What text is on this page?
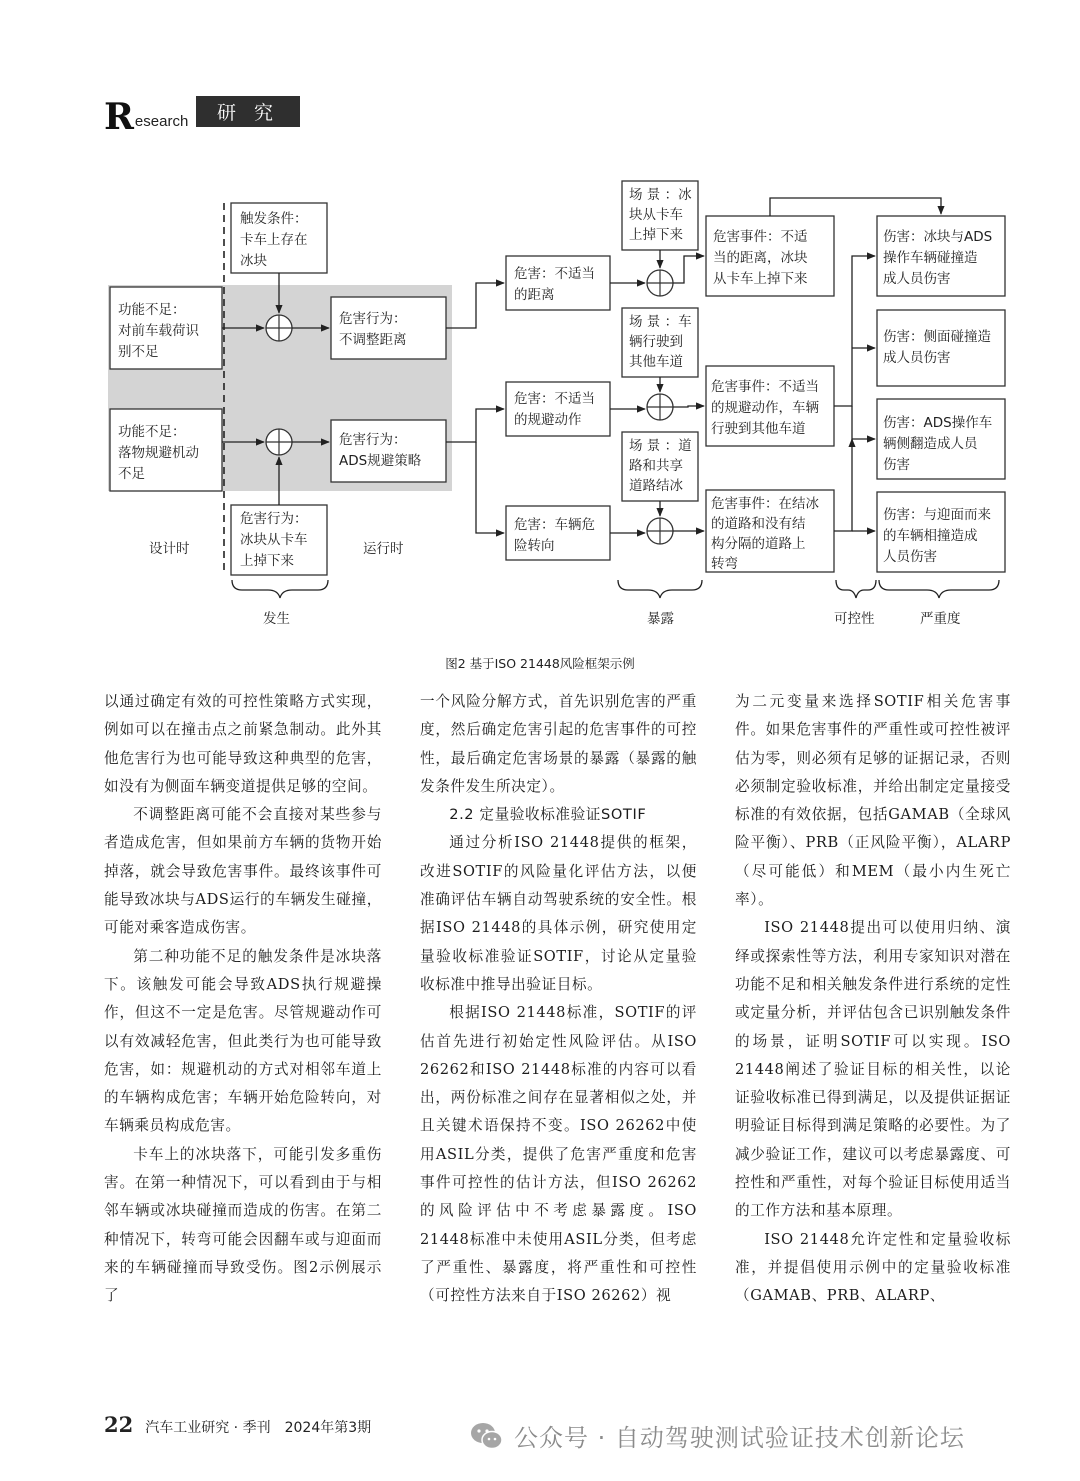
R esearch	研 究
功能不足：对前车载荷识别不足
功能不足：落物规避机动不足
触发条件：卡车上存在冰块
危害行为：冰块从卡车上掉下来
危害行为：不调整距离
危害行为： ADS规避策略
危害：不适当的距离
危害：不适当的规避动作
危害：车辆危险转向
场 景 ：冰块从卡车上掉下来
场 景 ：车辆行驶到其他车道
场 景 ：道路和共享道路结冰
危害事件：不适当的距离，冰块从卡车上掉下来
危害事件：不适当的规避动作，车辆行驶到其他车道
危害事件：在结冰的道路和没有结构分隔的道路上转弯
伤害：冰块与ADS 操作车辆碰撞造成人员伤害
伤害：侧面碰撞造成人员伤害
伤害：ADS操作车辆侧翻造成人员伤害
伤害：与迎面而来的车辆相撞造成人员伤害
设计时	运行时
发生	暴露	可控性	严重度
图2 基于ISO 21448风险框架示例

以通过确定有效的可控性策略方式实现，例如可以在撞击点之前紧急制动。此外其他危害行为也可能导致这种典型的危害，如没有为侧面车辆变道提供足够的空间。

不调整距离可能不会直接对某些参与者造成危害，但如果前方车辆的货物开始掉落，就会导致危害事件。最终该事件可能导致冰块与ADS运行的车辆发生碰撞，可能对乘客造成伤害。

第二种功能不足的触发条件是冰块落下。该触发可能会导致ADS执行规避操作，但这不一定是危害。尽管规避动作可以有效减轻危害，但此类行为也可能导致危害，如：规避机动的方式对相邻车道上的车辆构成危害；车辆开始危险转向，对车辆乘员构成危害。

卡车上的冰块落下，可能引发多重伤害。在第一种情况下，可以看到由于与相邻车辆或冰块碰撞而造成的伤害。在第二种情况下，转弯可能会因翻车或与迎面而来的车辆碰撞而导致受伤。图2示例展示了

一个风险分解方式，首先识别危害的严重度，然后确定危害引起的危害事件的可控性，最后确定危害场景的暴露（暴露的触发条件发生所决定）。

2.2 定量验收标准验证SOTIF

通过分析ISO 21448提供的框架，改进SOTIF的风险量化评估方法，以便准确评估车辆自动驾驶系统的安全性。根据ISO 21448的具体示例，研究使用定量验收标准验证SOTIF，讨论从定量验收标准中推导出验证目标。

根据ISO 21448标准，SOTIF的评估首先进行初始定性风险评估。从ISO 26262和ISO 21448标准的内容可以看出，两份标准之间存在显著相似之处，并且关键术语保持不变。ISO 26262中使用ASIL分类，提供了危害严重度和危害事件可控性的估计方法，但ISO 26262的风险评估中不考虑暴露度。ISO 21448标准中未使用ASIL分类，但考虑了严重性、暴露度，将严重性和可控性（可控性方法来自于ISO 26262）视

为二元变量来选择SOTIF相关危害事件。如果危害事件的严重性或可控性被评估为零，则必须有足够的证据记录，否则必须制定验收标准，并给出制定定量接受标准的有效依据，包括GAMAB（全球风险平衡）、PRB（正风险平衡），ALARP（尽可能低）和MEM（最小内生死亡率）。

ISO 21448提出可以使用归纳、演绎或探索性等方法，利用专家知识对潜在功能不足和相关触发条件进行系统的定性或定量分析，并评估包含已识别触发条件的场景，证明SOTIF可以实现。ISO 21448阐述了验证目标的相关性，以论证验收标准已得到满足，以及提供证据证明验证目标得到满足策略的必要性。为了减少验证工作，建议可以考虑暴露度、可控性和严重性，对每个验证目标使用适当的工作方法和基本原理。

ISO 21448允许定性和定量验收标准，并提倡使用示例中的定量验收标准（GAMAB、PRB、ALARP、

22 汽车工业研究 · 季刊 2024年第3期	公众号 · 自动驾驶测试验证技术创新论坛
